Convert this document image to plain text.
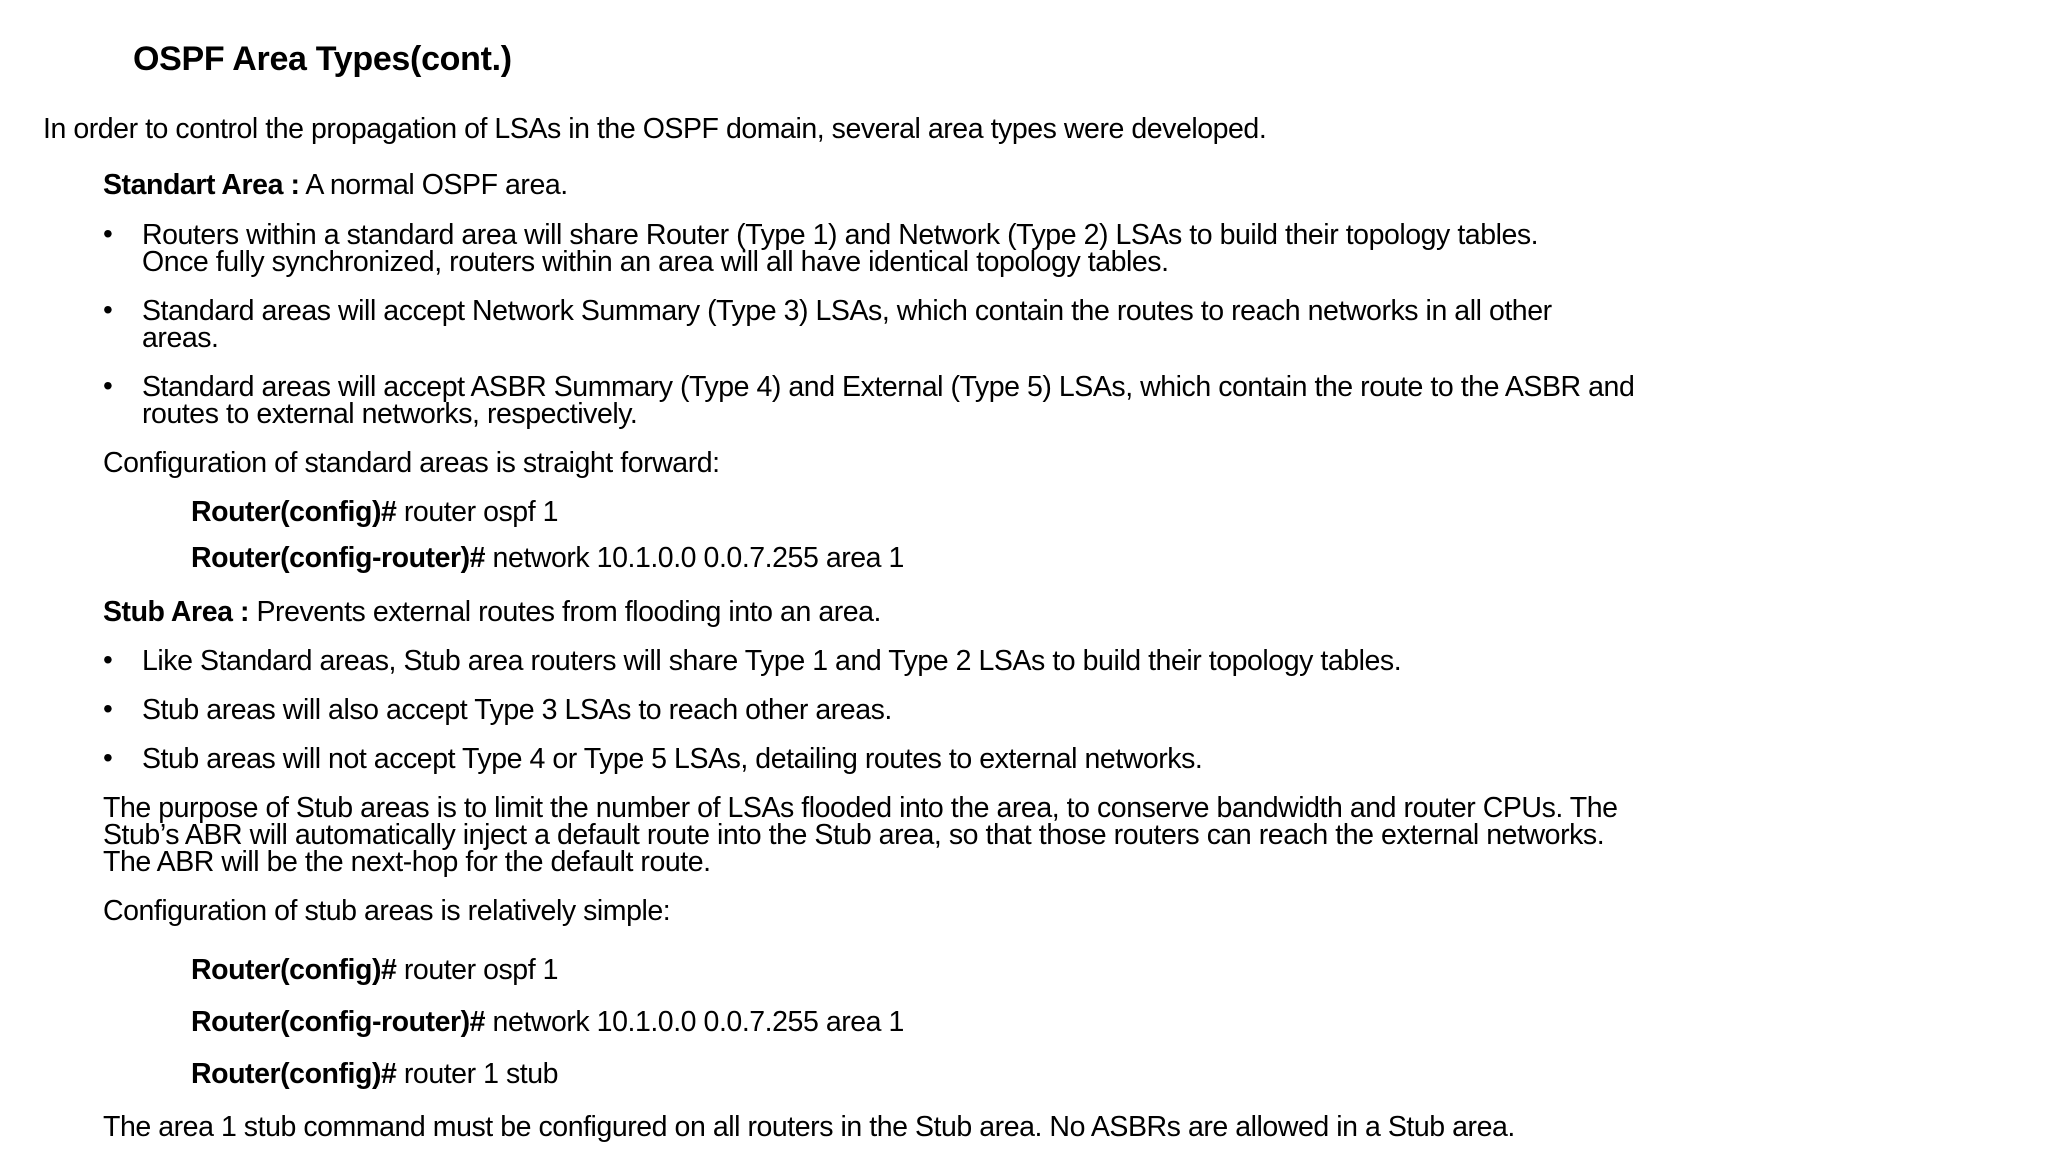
OSPF Area Types(cont.)
In order to control the propagation of LSAs in the OSPF domain, several area types were developed.
Standart Area : A normal OSPF area.
• Routers within a standard area will share Router (Type 1) and Network (Type 2) LSAs to build their topology tables.
Once fully synchronized, routers within an area will all have identical topology tables.
• Standard areas will accept Network Summary (Type 3) LSAs, which contain the routes to reach networks in all other
areas.
• Standard areas will accept ASBR Summary (Type 4) and External (Type 5) LSAs, which contain the route to the ASBR and
routes to external networks, respectively.
Configuration of standard areas is straight forward:
Router(config)# router ospf 1
Router(config-router)# network 10.1.0.0 0.0.7.255 area 1
Stub Area : Prevents external routes from flooding into an area.
• Like Standard areas, Stub area routers will share Type 1 and Type 2 LSAs to build their topology tables.
• Stub areas will also accept Type 3 LSAs to reach other areas.
• Stub areas will not accept Type 4 or Type 5 LSAs, detailing routes to external networks.
The purpose of Stub areas is to limit the number of LSAs flooded into the area, to conserve bandwidth and router CPUs. The
Stub’s ABR will automatically inject a default route into the Stub area, so that those routers can reach the external networks.
The ABR will be the next-hop for the default route.
Configuration of stub areas is relatively simple:
Router(config)# router ospf 1
Router(config-router)# network 10.1.0.0 0.0.7.255 area 1
Router(config)# router 1 stub
The area 1 stub command must be configured on all routers in the Stub area. No ASBRs are allowed in a Stub area.
